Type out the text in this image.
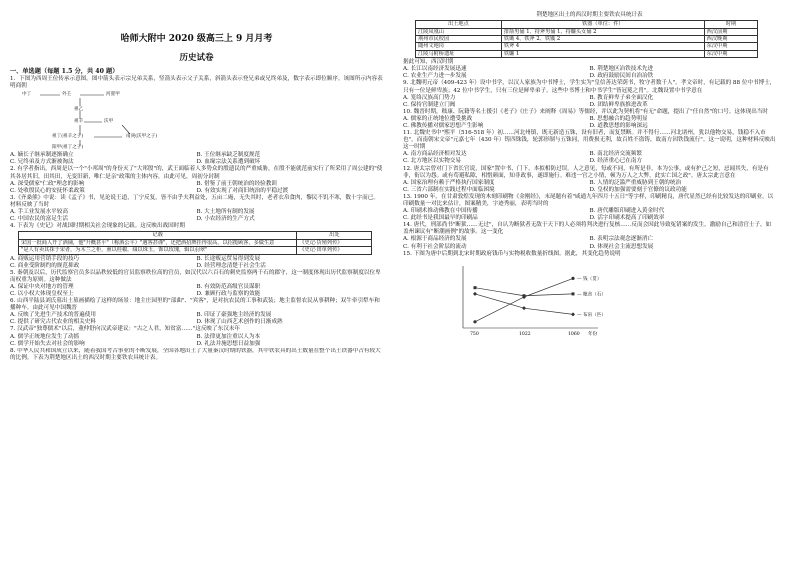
哈师大附中 2020 级高三上 9 月月考
历史试卷
一、单选题（每题 1.5 分，共 40 题）

1．下图为西周王位传承示意图。图中箭头表示宗兄弟关系，竖箭头表示父子关系，斜箭头表示登兄弟或兄终弟及，数字表示即位顺序。该图所示内容表明商朝

中丁	外壬	河亶甲
祖乙
祖辛	沃甲
祖丁(祖辛之子)	南庚(沃甲之子)
阳甲(祖丁之子)
A. 嫡长子继承制逐渐确立	B. 王位继承缺乏制度规范
C. 兄终弟及方式渐被淘汰	D. 血缘宗法关系遭到破坏

2. 有学者指出，西周是以一个"小邦周"的身份灭了"大邦殷"的，武王面临着人多势众的殷遗民的严重威胁，在殷不能就范前实行了所采用了周公建的"使其各居其旧，田其田，无变旧新，唯仁是亲"政策的主体内容，由此可见，周初分封制

A. 深受儒家"仁政"理念的影响	B. 借鉴了前王朝统治的经验教训
C. 处收殷民心的安抚怀柔政策	D. 有效实现了对商旧统治的平稳过渡

3.《齐桑熊》中说：读《孟子》书，见论说王道，丁宁反复，皆不由乎夫利益处，五亩二庵，无失其时，老者衣帛食肉，黎民不饥不寒，数十字而已。材料反映了当时

A. 手工业发展水平较高	B. 大土地所有制的发展
C. 中国农民的富足生活	D. 小农经济的生产方式

4. 下表为《史记》对战国时期相关社会现象的记载。这反映出战国时期

记载	出处
宋国一批商人开了酒铺，他"升概甚平"（称酒公平）"遇客甚谨"，还把酒招牌挂得很高，以招揽顾客，多做生意	《史记·货殖列传》
"是人有卖其抹于宋者，为木兰之柜，熏以桂椒，缀以珠玉，饰以玫瑰，辑以羽翠"	《史记·田单列传》
A. 商贩运用营销手段的技巧	B. 长途贩运贸易得到发展
C. 商业受阶制约的规范抑政	D. 经营理念清楚于社会生活

5. 秦朝及以后，历代监察官员多以品秩较低的官员监察秩位高的官员，如汉代以六百石的刺史监察两千石的郡守，这一制度体现出历代监察制度以位卑而权重为原则。这种做法

A. 保证中央对地方的管理	B. 有效防范高级官员谋职
C. 以小权大体现皇权至上	D. 兼顾行政与监察的效能

6. 山西平陆县刘氏墓出土墓画描绘了这样的场景：地主庄园里的"部曲"、"宾客"，是对抗农民的工事和武装；地主监督农民从事耕种；双牛牵引犁车和播种车。由此可见中国魏晋

A. 反映了先进生产技术的普遍使用	B. 印证了豪强地主经济的发展
C. 提供了研究古代农业的相关史料	D. 体现了山西艺术创作的日渐成熟

7. 汉武帝"独尊儒术"以后，董仲舒向汉武帝建议："古之人君，知贫富……"这反映了东汉末年

A. 儒学正统地位发生了动摇	B. 法律更加注重以人为本
C. 儒学开始失去对社会的影响	D. 礼法并施思想日益加强

8. 中华人民共和国成立以来，随着我国考古事业的不断发展，全国各地出土了大量秦汉时期的铁器，其中铁农具的出土数量在整个出土铁器中占有较大的比例。下表为荆楚地区出土的西汉时期主要铁农具统计表。

荆楚地区出土的西汉时期主要铁农具统计表
出土地点	铁器（单位：件）	时期
江陵凤凰山	排箭男俑 1、持斧男俑 1、持镰头女俑 2	西汉前期
荆州市民校园	铁锄 4、铁斧 2、铁镬 2	西汉晚期
随州文地岗	铁斧 4	东汉中期
江陵马附桥遗址	铁镰 1	东汉中期

据此可知，西汉时期

A. 长江以南经济发展迅速	B. 荆楚地区冶铁技术先进
C. 农业生产力进一步发展	D. 政府鼓励民间自治冶铁

9. 北魏明元帝（409-423 年）设中书学，以汉人家族为中书博士，学生实为"皇信善达荣荫书，牧守者数千人"。孝文帝时，有记载的 88 位中书博士，只有一位是鲜卑族；42 位中书学生，只有三位是鲜卑弟子。这些中书博士和中书学生"皆冠冕之胄"。北魏设置中书学意在

A. 笼络汉族高门势力	B. 教育鲜卑子弟全面汉化
C. 保持官制建立门阀	D. 团结鲜卑族推进改革

10. 魏晋时期，嵇康、阮籍等名士援引《老子》《庄子》来阐释《周易》等儒经，并以此为契机将"有无"命题，提出了"任自然"的口号。这体现出当时

A. 儒家的正统地位遭受挑战	B. 思想融合的趋势明显
C. 佛教传播对儒家思想产生影响	D. 道教思想的影响深远

11. 北魏史书中"熙平（516-518 年）初……河北州镇，既无新造五铢，设有旧者，而复禁断。并不得行……河北诸州，犹以他物交易，钱稳不入市也"。而南朝宋文帝"元嘉七年（430 年）铸四铢钱，轮郭形制与五铢同，用费损无利，故百姓不盗铸，故南方因铁钱流行"。这一说明，这种材料反映出这一时期

A. 南方商品经济相对发达	B. 南北经济交流频繁
C. 北方地区以实物交易	D. 经济重心已在南方

12. 唐太宗曾对门下省长官说，国家"置中书、门下，本拟相防过误。人之意见，每或不同，有所是非，本为公事，或有护己之短，忌闻其失，有是有非，衔以为怨。或有苟避私隙，相惜颜面，知非政事，遂即施行。难违一官之小情，顿为万人之大弊，此实亡国之政"。唐太宗此言意在

A. 国家治理有赖于严格执行国家制度	B. 人情的泛滥严重威胁到王朝的统治
C. 三省六部制在实践过程中面临困境	D. 皇权的加强需要刻于官僚的议政功能

13. 1900 年，在甘肃敦煌发现的木刻印刷物《金刚经》，末尾题有着"咸通九年四月十五日"等字样，印刷精良，唐代显然已经有比较发达的印刷业。以印刷数量一对比来估计，图案精美，字迹秀丽，表明当时的

A. 印刷术推动佛教在中国传播	B. 唐代雕版印刷进入黄金时代
C. 此经书是我国最早的印刷品	D. 活字印刷术提高了印刷效率

14. 唐代，刑部尚书"断狱……无过"，自认为断狱者无敌于天下的人必须将判决进行复核……反而会因此导致冤错案的发生，激励自己和清官士子，如盖州谏议有"断潮画例"的故事。这一变化

A. 根源于商品经济的发展	B. 表明宗法观念逐渐消亡
C. 有利于社会阶层的流动	D. 体现社会主流思想发展

15. 下图为唐中后期到北宋时期政府钱币与实物税收数量折线图。据此，其变化趋势说明

— 钱（贯）
— 粮食（石）
— 布帛（匹）
750	1022	1060 年份
